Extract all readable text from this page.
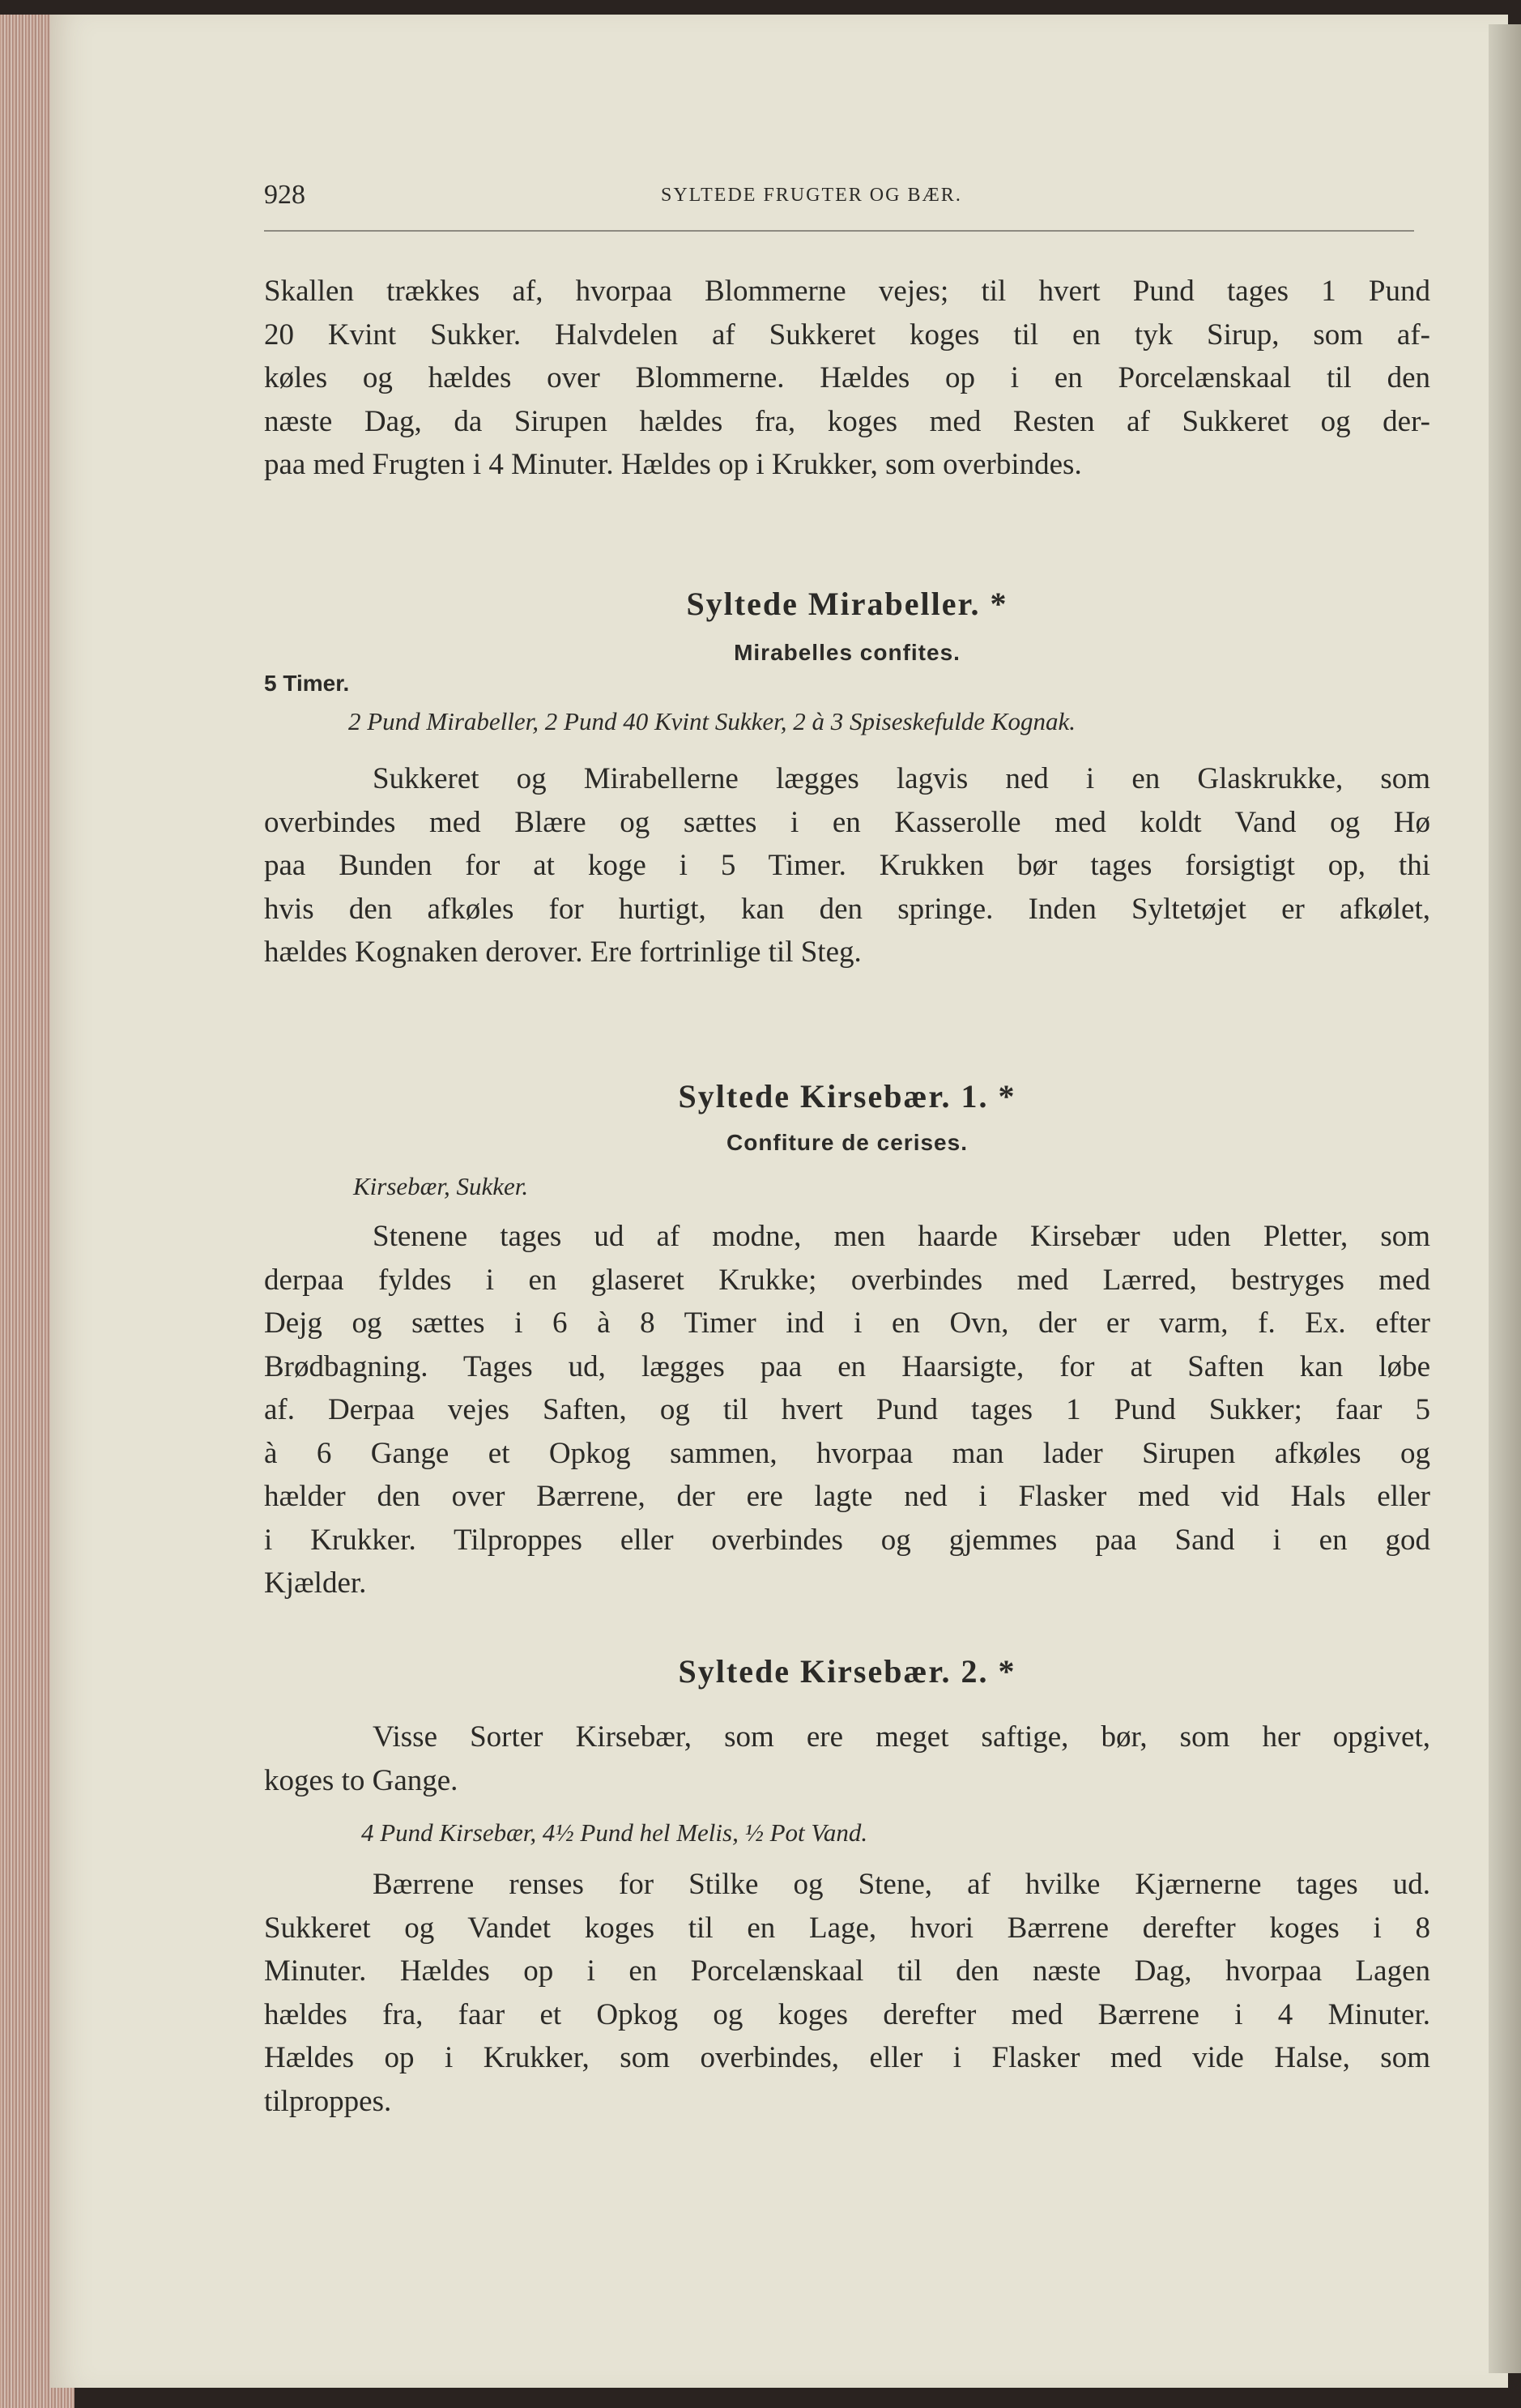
928	SYLTEDE FRUGTER OG BÆR.
Skallen trækkes af, hvorpaa Blommerne vejes; til hvert Pund tages 1 Pund
20 Kvint Sukker. Halvdelen af Sukkeret koges til en tyk Sirup, som af-
køles og hældes over Blommerne. Hældes op i en Porcelænskaal til den
næste Dag, da Sirupen hældes fra, koges med Resten af Sukkeret og der-
paa med Frugten i 4 Minuter. Hældes op i Krukker, som overbindes.
Syltede Mirabeller. *
Mirabelles confites.
5 Timer.
2 Pund Mirabeller, 2 Pund 40 Kvint Sukker, 2 à 3 Spiseskefulde Kognak.
Sukkeret og Mirabellerne lægges lagvis ned i en Glaskrukke, som
overbindes med Blære og sættes i en Kasserolle med koldt Vand og Hø
paa Bunden for at koge i 5 Timer. Krukken bør tages forsigtigt op, thi
hvis den afkøles for hurtigt, kan den springe. Inden Syltetøjet er afkølet,
hældes Kognaken derover. Ere fortrinlige til Steg.
Syltede Kirsebær. 1. *
Confiture de cerises.
Kirsebær, Sukker.
Stenene tages ud af modne, men haarde Kirsebær uden Pletter, som
derpaa fyldes i en glaseret Krukke; overbindes med Lærred, bestryges med
Dejg og sættes i 6 à 8 Timer ind i en Ovn, der er varm, f. Ex. efter
Brødbagning. Tages ud, lægges paa en Haarsigte, for at Saften kan løbe
af. Derpaa vejes Saften, og til hvert Pund tages 1 Pund Sukker; faar 5
à 6 Gange et Opkog sammen, hvorpaa man lader Sirupen afkøles og
hælder den over Bærrene, der ere lagte ned i Flasker med vid Hals eller
i Krukker. Tilproppes eller overbindes og gjemmes paa Sand i en god
Kjælder.
Syltede Kirsebær. 2. *
Visse Sorter Kirsebær, som ere meget saftige, bør, som her opgivet,
koges to Gange.
4 Pund Kirsebær, 4½ Pund hel Melis, ½ Pot Vand.
Bærrene renses for Stilke og Stene, af hvilke Kjærnerne tages ud.
Sukkeret og Vandet koges til en Lage, hvori Bærrene derefter koges i 8
Minuter. Hældes op i en Porcelænskaal til den næste Dag, hvorpaa Lagen
hældes fra, faar et Opkog og koges derefter med Bærrene i 4 Minuter.
Hældes op i Krukker, som overbindes, eller i Flasker med vide Halse, som
tilproppes.
